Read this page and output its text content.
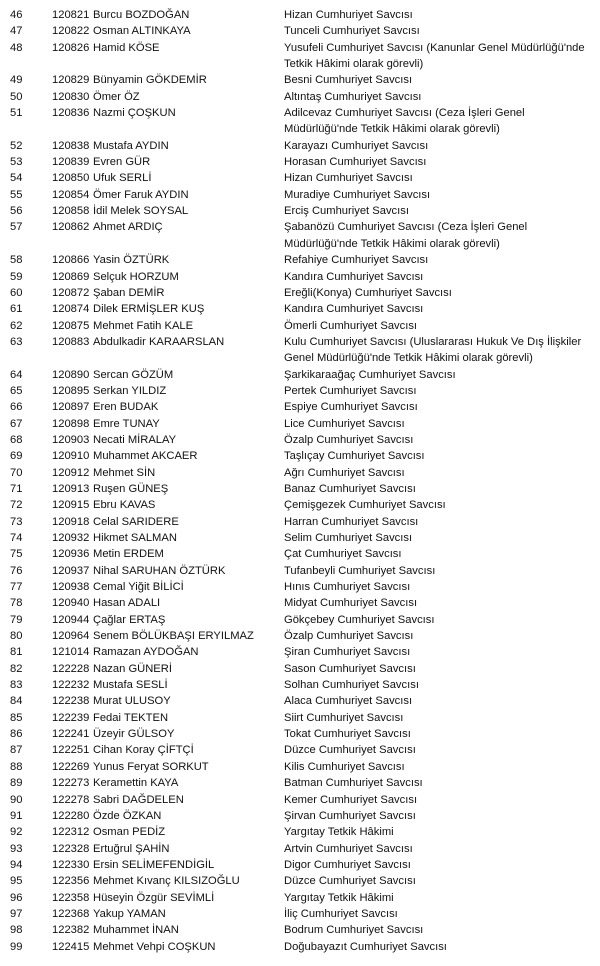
46	120821 Burcu BOZDOĞAN	Hizan Cumhuriyet Savcısı
47	120822 Osman ALTINKAYA	Tunceli Cumhuriyet Savcısı
48	120826 Hamid KÖSE	Yusufeli Cumhuriyet Savcısı (Kanunlar Genel Müdürlüğü'nde
Tetkik Hâkimi olarak görevli)
49	120829 Bünyamin GÖKDEMİR	Besni Cumhuriyet Savcısı
50	120830 Ömer ÖZ	Altıntaş Cumhuriyet Savcısı
51	120836 Nazmi ÇOŞKUN	Adilcevaz Cumhuriyet Savcısı (Ceza İşleri Genel
Müdürlüğü'nde Tetkik Hâkimi olarak görevli)
52	120838 Mustafa AYDIN	Karayazı Cumhuriyet Savcısı
53	120839 Evren GÜR	Horasan Cumhuriyet Savcısı
54	120850 Ufuk SERLİ	Hizan Cumhuriyet Savcısı
55	120854 Ömer Faruk AYDIN	Muradiye Cumhuriyet Savcısı
56	120858 İdil Melek SOYSAL	Erciş Cumhuriyet Savcısı
57	120862 Ahmet ARDIÇ	Şabanözü Cumhuriyet Savcısı (Ceza İşleri Genel
Müdürlüğü'nde Tetkik Hâkimi olarak görevli)
58	120866 Yasin ÖZTÜRK	Refahiye Cumhuriyet Savcısı
59	120869 Selçuk HORZUM	Kandıra Cumhuriyet Savcısı
60	120872 Şaban DEMİR	Ereğli(Konya) Cumhuriyet Savcısı
61	120874 Dilek ERMİŞLER KUŞ	Kandıra Cumhuriyet Savcısı
62	120875 Mehmet Fatih KALE	Ömerli Cumhuriyet Savcısı
63	120883 Abdulkadir KARAARSLAN	Kulu Cumhuriyet Savcısı (Uluslararası Hukuk Ve Dış İlişkiler
Genel Müdürlüğü'nde Tetkik Hâkimi olarak görevli)
64	120890 Sercan GÖZÜM	Şarkikaraağaç Cumhuriyet Savcısı
65	120895 Serkan YILDIZ	Pertek Cumhuriyet Savcısı
66	120897 Eren BUDAK	Espiye Cumhuriyet Savcısı
67	120898 Emre TUNAY	Lice Cumhuriyet Savcısı
68	120903 Necati MİRALAY	Özalp Cumhuriyet Savcısı
69	120910 Muhammet AKCAER	Taşlıçay Cumhuriyet Savcısı
70	120912 Mehmet SİN	Ağrı Cumhuriyet Savcısı
71	120913 Ruşen GÜNEŞ	Banaz Cumhuriyet Savcısı
72	120915 Ebru KAVAS	Çemişgezek Cumhuriyet Savcısı
73	120918 Celal SARIDERE	Harran Cumhuriyet Savcısı
74	120932 Hikmet SALMAN	Selim Cumhuriyet Savcısı
75	120936 Metin ERDEM	Çat Cumhuriyet Savcısı
76	120937 Nihal SARUHAN ÖZTÜRK	Tufanbeyli Cumhuriyet Savcısı
77	120938 Cemal Yiğit BİLİCİ	Hınıs Cumhuriyet Savcısı
78	120940 Hasan ADALI	Midyat Cumhuriyet Savcısı
79	120944 Çağlar ERTAŞ	Gökçebey Cumhuriyet Savcısı
80	120964 Senem BÖLÜKBAŞI ERYILMAZ	Özalp Cumhuriyet Savcısı
81	121014 Ramazan AYDOĞAN	Şiran Cumhuriyet Savcısı
82	122228 Nazan GÜNERİ	Sason Cumhuriyet Savcısı
83	122232 Mustafa SESLİ	Solhan Cumhuriyet Savcısı
84	122238 Murat ULUSOY	Alaca Cumhuriyet Savcısı
85	122239 Fedai TEKTEN	Siirt Cumhuriyet Savcısı
86	122241 Üzeyir GÜLSOY	Tokat Cumhuriyet Savcısı
87	122251 Cihan Koray ÇİFTÇİ	Düzce Cumhuriyet Savcısı
88	122269 Yunus Feryat SORKUT	Kilis Cumhuriyet Savcısı
89	122273 Keramettin KAYA	Batman Cumhuriyet Savcısı
90	122278 Sabri DAĞDELEN	Kemer Cumhuriyet Savcısı
91	122280 Özde ÖZKAN	Şirvan Cumhuriyet Savcısı
92	122312 Osman PEDİZ	Yargıtay Tetkik Hâkimi
93	122328 Ertuğrul ŞAHİN	Artvin Cumhuriyet Savcısı
94	122330 Ersin SELİMEFENDİGİL	Digor Cumhuriyet Savcısı
95	122356 Mehmet Kıvanç KILSIZOĞLU	Düzce Cumhuriyet Savcısı
96	122358 Hüseyin Özgür SEVİMLİ	Yargıtay Tetkik Hâkimi
97	122368 Yakup YAMAN	İliç Cumhuriyet Savcısı
98	122382 Muhammet İNAN	Bodrum Cumhuriyet Savcısı
99	122415 Mehmet Vehpi COŞKUN	Doğubayazıt Cumhuriyet Savcısı
